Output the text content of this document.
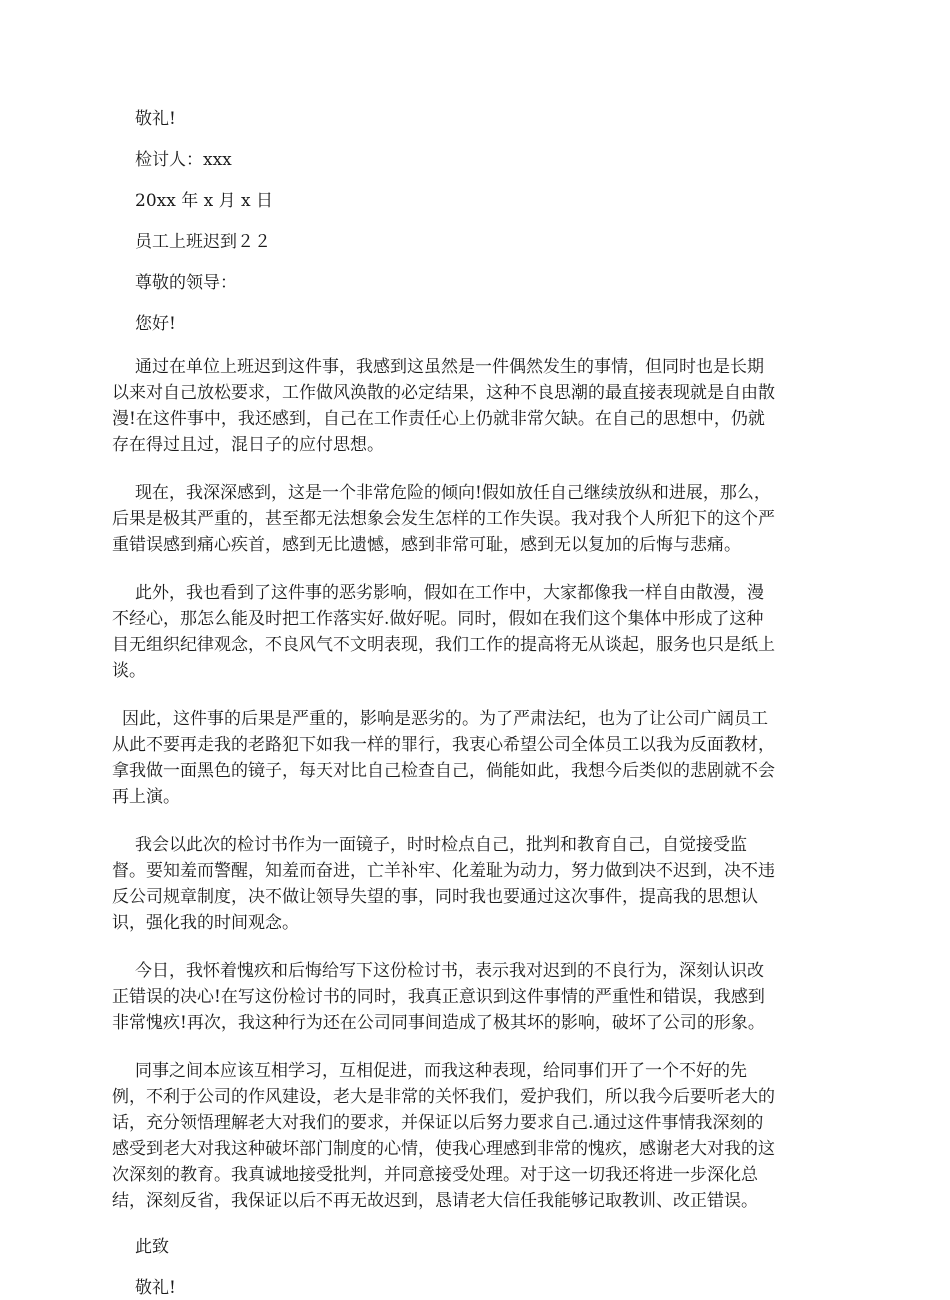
敬礼!
检讨人：xxx
20xx 年 x 月 x 日
员工上班迟到２２
尊敬的领导：
您好!
通过在单位上班迟到这件事，我感到这虽然是一件偶然发生的事情，但同时也是长期
以来对自己放松要求，工作做风涣散的必定结果，这种不良思潮的最直接表现就是自由散
漫!在这件事中，我还感到，自己在工作责任心上仍就非常欠缺。在自己的思想中，仍就
存在得过且过，混日子的应付思想。
现在，我深深感到，这是一个非常危险的倾向!假如放任自己继续放纵和进展，那么，
后果是极其严重的，甚至都无法想象会发生怎样的工作失误。我对我个人所犯下的这个严
重错误感到痛心疾首，感到无比遗憾，感到非常可耻，感到无以复加的后悔与悲痛。
此外，我也看到了这件事的恶劣影响，假如在工作中，大家都像我一样自由散漫，漫
不经心，那怎么能及时把工作落实好.做好呢。同时，假如在我们这个集体中形成了这种
目无组织纪律观念，不良风气不文明表现，我们工作的提高将无从谈起，服务也只是纸上
谈。
因此，这件事的后果是严重的，影响是恶劣的。为了严肃法纪，也为了让公司广阔员工
从此不要再走我的老路犯下如我一样的罪行，我衷心希望公司全体员工以我为反面教材，
拿我做一面黑色的镜子，每天对比自己检查自己，倘能如此，我想今后类似的悲剧就不会
再上演。
我会以此次的检讨书作为一面镜子，时时检点自己，批判和教育自己，自觉接受监
督。要知羞而警醒，知羞而奋进，亡羊补牢、化羞耻为动力，努力做到决不迟到，决不违
反公司规章制度，决不做让领导失望的事，同时我也要通过这次事件，提高我的思想认
识，强化我的时间观念。
今日，我怀着愧疚和后悔给写下这份检讨书，表示我对迟到的不良行为，深刻认识改
正错误的决心!在写这份检讨书的同时，我真正意识到这件事情的严重性和错误，我感到
非常愧疚!再次，我这种行为还在公司同事间造成了极其坏的影响，破坏了公司的形象。
同事之间本应该互相学习，互相促进，而我这种表现，给同事们开了一个不好的先
例，不利于公司的作风建设，老大是非常的关怀我们，爱护我们，所以我今后要听老大的
话，充分领悟理解老大对我们的要求，并保证以后努力要求自己.通过这件事情我深刻的
感受到老大对我这种破坏部门制度的心情，使我心理感到非常的愧疚，感谢老大对我的这
次深刻的教育。我真诚地接受批判，并同意接受处理。对于这一切我还将进一步深化总
结，深刻反省，我保证以后不再无故迟到，恳请老大信任我能够记取教训、改正错误。
此致
敬礼!
